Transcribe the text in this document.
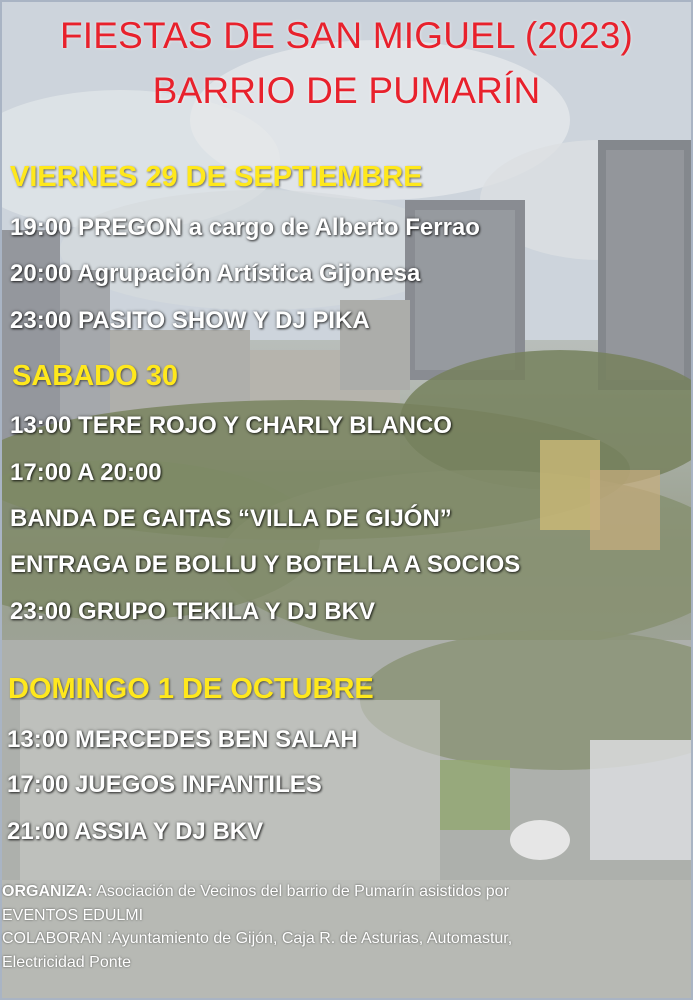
FIESTAS DE SAN MIGUEL (2023)
BARRIO DE PUMARÍN
VIERNES 29 DE SEPTIEMBRE
19:00 PREGON a cargo de Alberto Ferrao
20:00 Agrupación Artística Gijonesa
23:00 PASITO SHOW Y DJ PIKA
SABADO 30
13:00 TERE ROJO Y CHARLY BLANCO
17:00 A 20:00
BANDA DE GAITAS “VILLA DE GIJÓN”
ENTRAGA DE BOLLU Y BOTELLA A SOCIOS
23:00 GRUPO TEKILA Y DJ BKV
DOMINGO 1 DE OCTUBRE
13:00 MERCEDES BEN SALAH
17:00 JUEGOS INFANTILES
21:00 ASSIA Y DJ BKV
ORGANIZA: Asociación de Vecinos del barrio de Pumarín asistidos por
EVENTOS EDULMI
COLABORAN :Ayuntamiento de Gijón, Caja R. de Asturias, Automastur,
Electricidad Ponte
